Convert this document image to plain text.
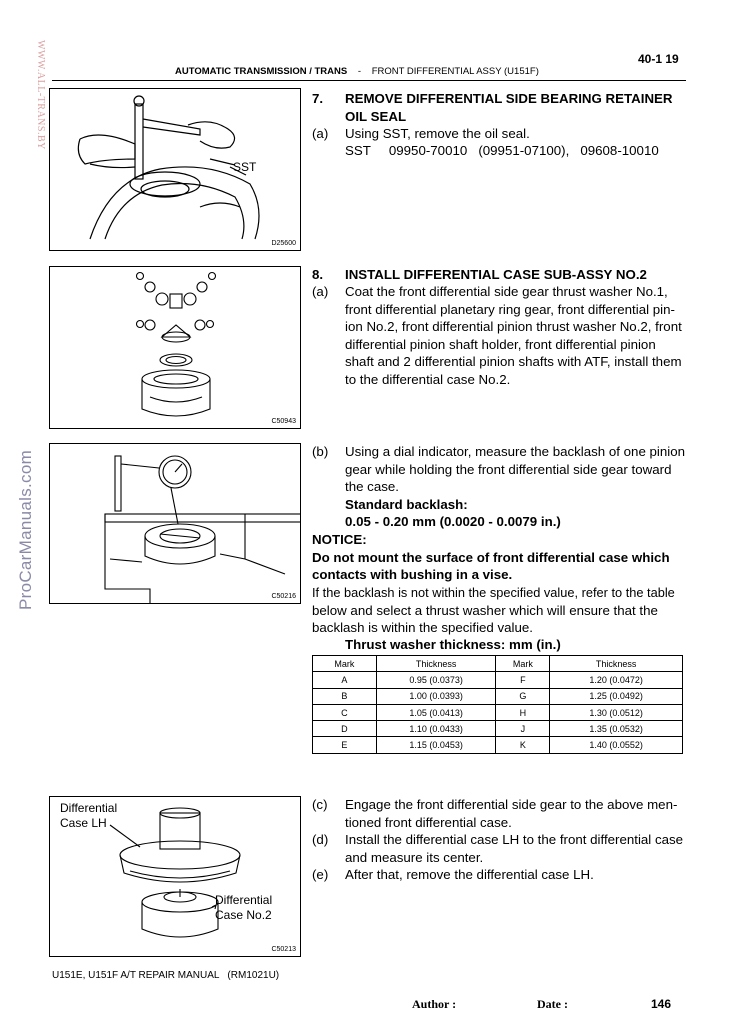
40-1 19
AUTOMATIC TRANSMISSION / TRANS - FRONT DIFFERENTIAL ASSY (U151F)
WWW.ALL-TRANS.BY
ProCarManuals.com
SST
D25600
C50943
C50216
Differential
Case LH
Differential
Case No.2
C50213
7. REMOVE DIFFERENTIAL SIDE BEARING RETAINER
OIL SEAL
(a) Using SST, remove the oil seal.
SST 09950-70010   (09951-07100),   09608-10010
8. INSTALL DIFFERENTIAL CASE SUB-ASSY NO.2
(a) Coat the front differential side gear thrust washer No.1,
front differential planetary ring gear, front differential pin-
ion No.2, front differential pinion thrust washer No.2, front
differential pinion shaft holder, front differential pinion
shaft and 2 differential pinion shafts with ATF, install them
to the differential case No.2.
(b) Using a dial indicator, measure the backlash of one pinion
gear while holding the front differential side gear toward
the case.
Standard backlash:
0.05 - 0.20 mm (0.0020 - 0.0079 in.)
NOTICE:
Do not mount the surface of front differential case which
contacts with bushing in a vise.
If the backlash is not within the specified value, refer to the table
below and select a thrust washer which will ensure that the
backlash is within the specified value.
Thrust washer thickness: mm (in.)
Mark	Thickness	Mark	Thickness
A	0.95 (0.0373)	F	1.20 (0.0472)
B	1.00 (0.0393)	G	1.25 (0.0492)
C	1.05 (0.0413)	H	1.30 (0.0512)
D	1.10 (0.0433)	J	1.35 (0.0532)
E	1.15 (0.0453)	K	1.40 (0.0552)
(c) Engage the front differential side gear to the above men-
tioned front differential case.
(d) Install the differential case LH to the front differential case
and measure its center.
(e) After that, remove the differential case LH.
U151E, U151F A/T REPAIR MANUAL   (RM1021U)
Author :	Date :	146
